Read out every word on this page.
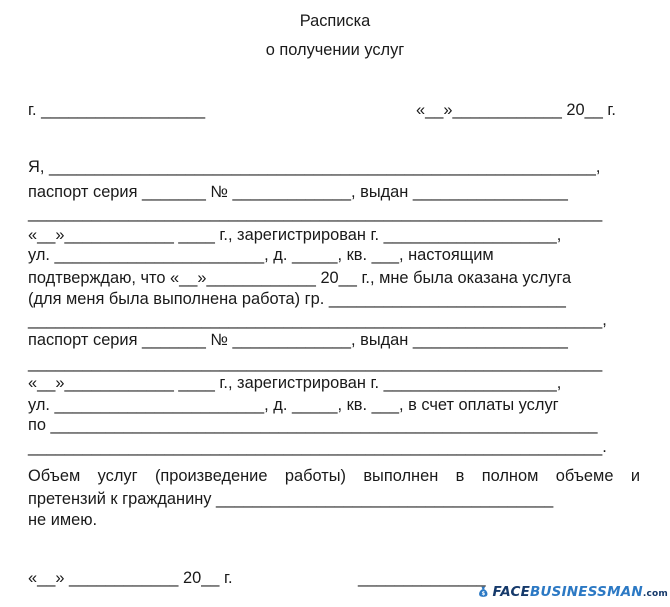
Расписка
о получении услуг
г. __________________	«__»____________ 20__ г.
Я, ____________________________________________________________,
паспорт серия _______ № _____________, выдан _________________
_______________________________________________________________
«__»____________ ____ г., зарегистрирован г. ___________________,
ул. _______________________, д. _____, кв. ___, настоящим
подтверждаю, что «__»____________ 20__ г., мне была оказана услуга
(для меня была выполнена работа) гр. __________________________
_______________________________________________________________,
паспорт серия _______ № _____________, выдан _________________
_______________________________________________________________
«__»____________ ____ г., зарегистрирован г. ___________________,
ул. _______________________, д. _____, кв. ___, в счет оплаты услуг
по ____________________________________________________________
_______________________________________________________________.
Объем услуг (произведение работы) выполнен в полном объеме и
претензий к гражданину _____________________________________
не имею.
«__» ____________ 20__ г.	______________
$ FACEBUSINESSMAN.com
